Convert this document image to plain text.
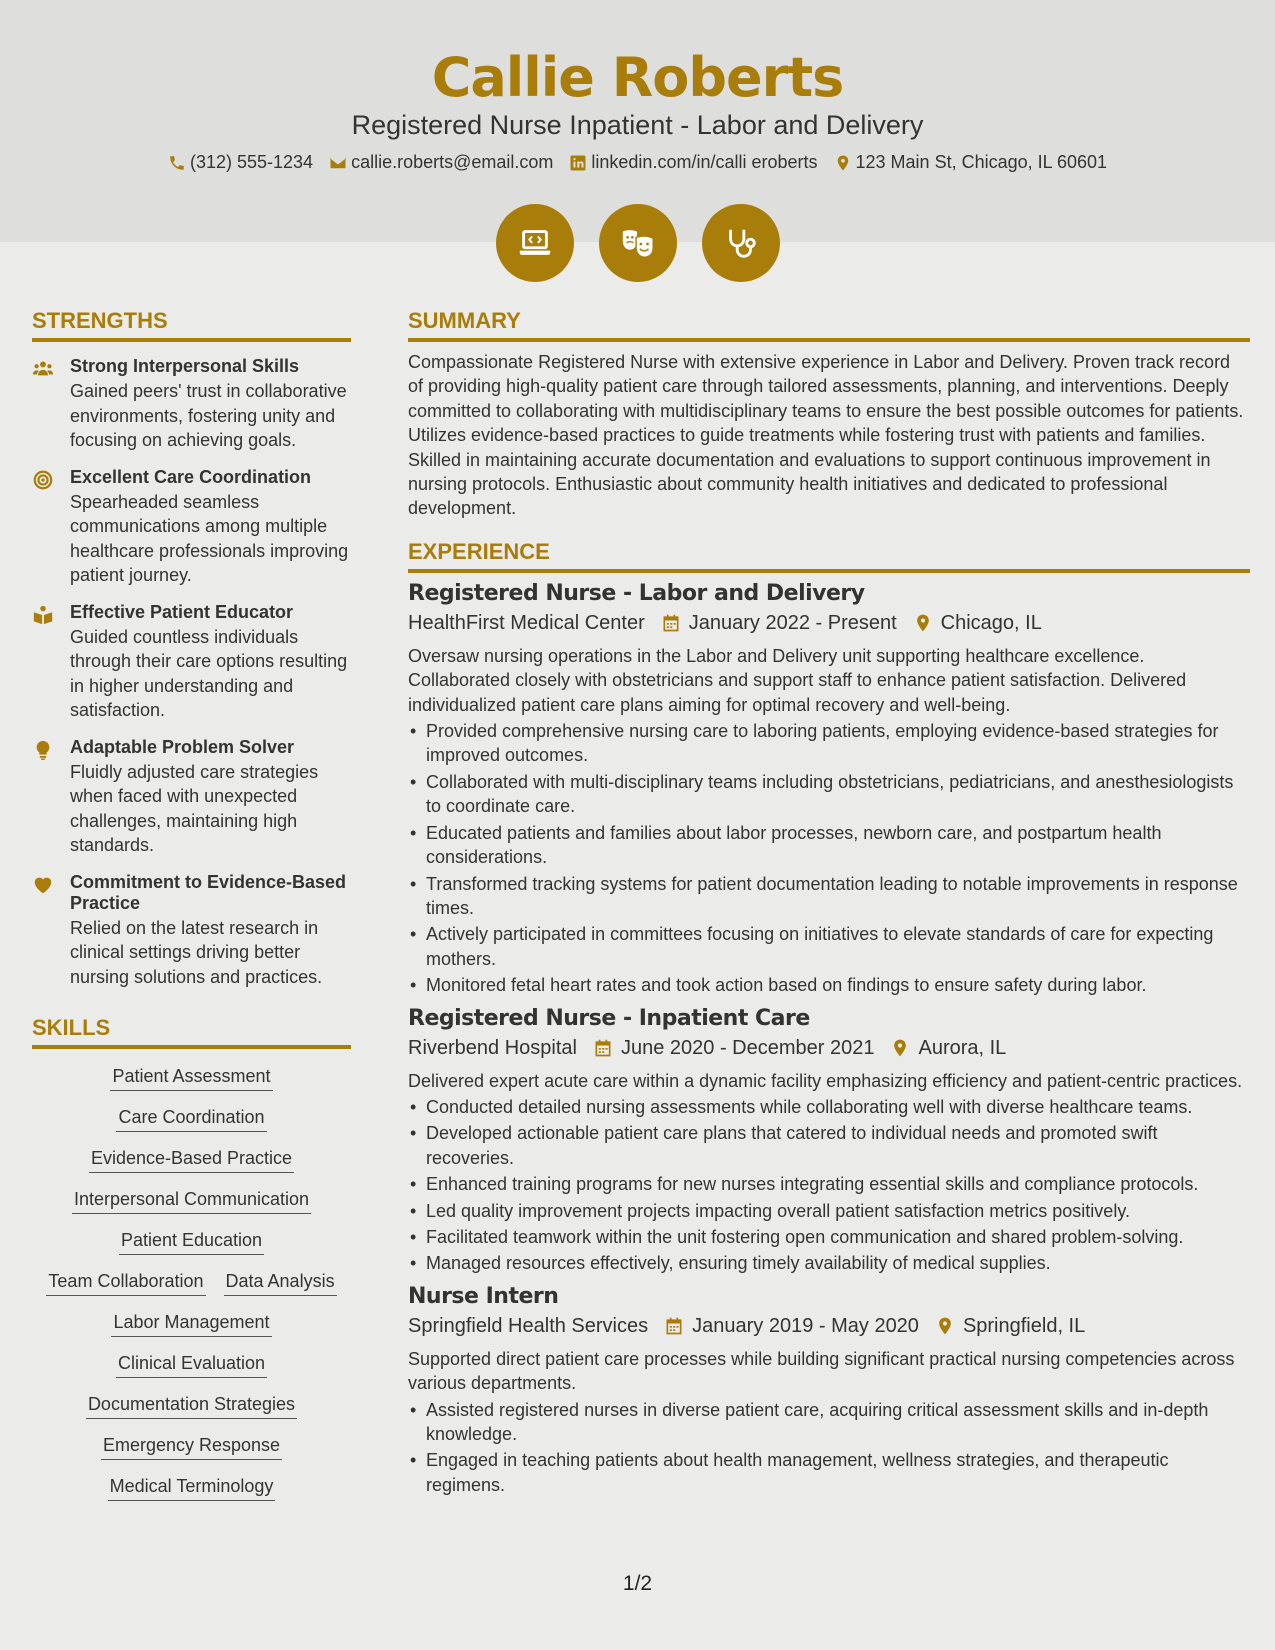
Callie Roberts
Registered Nurse Inpatient - Labor and Delivery
(312) 555-1234 callie.roberts@email.com linkedin.com/in/calli eroberts 123 Main St, Chicago, IL 60601
STRENGTHS
Strong Interpersonal Skills
Gained peers' trust in collaborative environments, fostering unity and focusing on achieving goals.
Excellent Care Coordination
Spearheaded seamless communications among multiple healthcare professionals improving patient journey.
Effective Patient Educator
Guided countless individuals through their care options resulting in higher understanding and satisfaction.
Adaptable Problem Solver
Fluidly adjusted care strategies when faced with unexpected challenges, maintaining high standards.
Commitment to Evidence-Based Practice
Relied on the latest research in clinical settings driving better nursing solutions and practices.
SKILLS
Patient Assessment
Care Coordination
Evidence-Based Practice
Interpersonal Communication
Patient Education
Team Collaboration Data Analysis
Labor Management
Clinical Evaluation
Documentation Strategies
Emergency Response
Medical Terminology
SUMMARY
Compassionate Registered Nurse with extensive experience in Labor and Delivery. Proven track record of providing high-quality patient care through tailored assessments, planning, and interventions. Deeply committed to collaborating with multidisciplinary teams to ensure the best possible outcomes for patients. Utilizes evidence-based practices to guide treatments while fostering trust with patients and families. Skilled in maintaining accurate documentation and evaluations to support continuous improvement in nursing protocols. Enthusiastic about community health initiatives and dedicated to professional development.
EXPERIENCE
Registered Nurse - Labor and Delivery
HealthFirst Medical Center January 2022 - Present Chicago, IL
Oversaw nursing operations in the Labor and Delivery unit supporting healthcare excellence. Collaborated closely with obstetricians and support staff to enhance patient satisfaction. Delivered individualized patient care plans aiming for optimal recovery and well-being.
• Provided comprehensive nursing care to laboring patients, employing evidence-based strategies for improved outcomes.
• Collaborated with multi-disciplinary teams including obstetricians, pediatricians, and anesthesiologists to coordinate care.
• Educated patients and families about labor processes, newborn care, and postpartum health considerations.
• Transformed tracking systems for patient documentation leading to notable improvements in response times.
• Actively participated in committees focusing on initiatives to elevate standards of care for expecting mothers.
• Monitored fetal heart rates and took action based on findings to ensure safety during labor.
Registered Nurse - Inpatient Care
Riverbend Hospital June 2020 - December 2021 Aurora, IL
Delivered expert acute care within a dynamic facility emphasizing efficiency and patient-centric practices.
• Conducted detailed nursing assessments while collaborating well with diverse healthcare teams.
• Developed actionable patient care plans that catered to individual needs and promoted swift recoveries.
• Enhanced training programs for new nurses integrating essential skills and compliance protocols.
• Led quality improvement projects impacting overall patient satisfaction metrics positively.
• Facilitated teamwork within the unit fostering open communication and shared problem-solving.
• Managed resources effectively, ensuring timely availability of medical supplies.
Nurse Intern
Springfield Health Services January 2019 - May 2020 Springfield, IL
Supported direct patient care processes while building significant practical nursing competencies across various departments.
• Assisted registered nurses in diverse patient care, acquiring critical assessment skills and in-depth knowledge.
• Engaged in teaching patients about health management, wellness strategies, and therapeutic regimens.
1/2
